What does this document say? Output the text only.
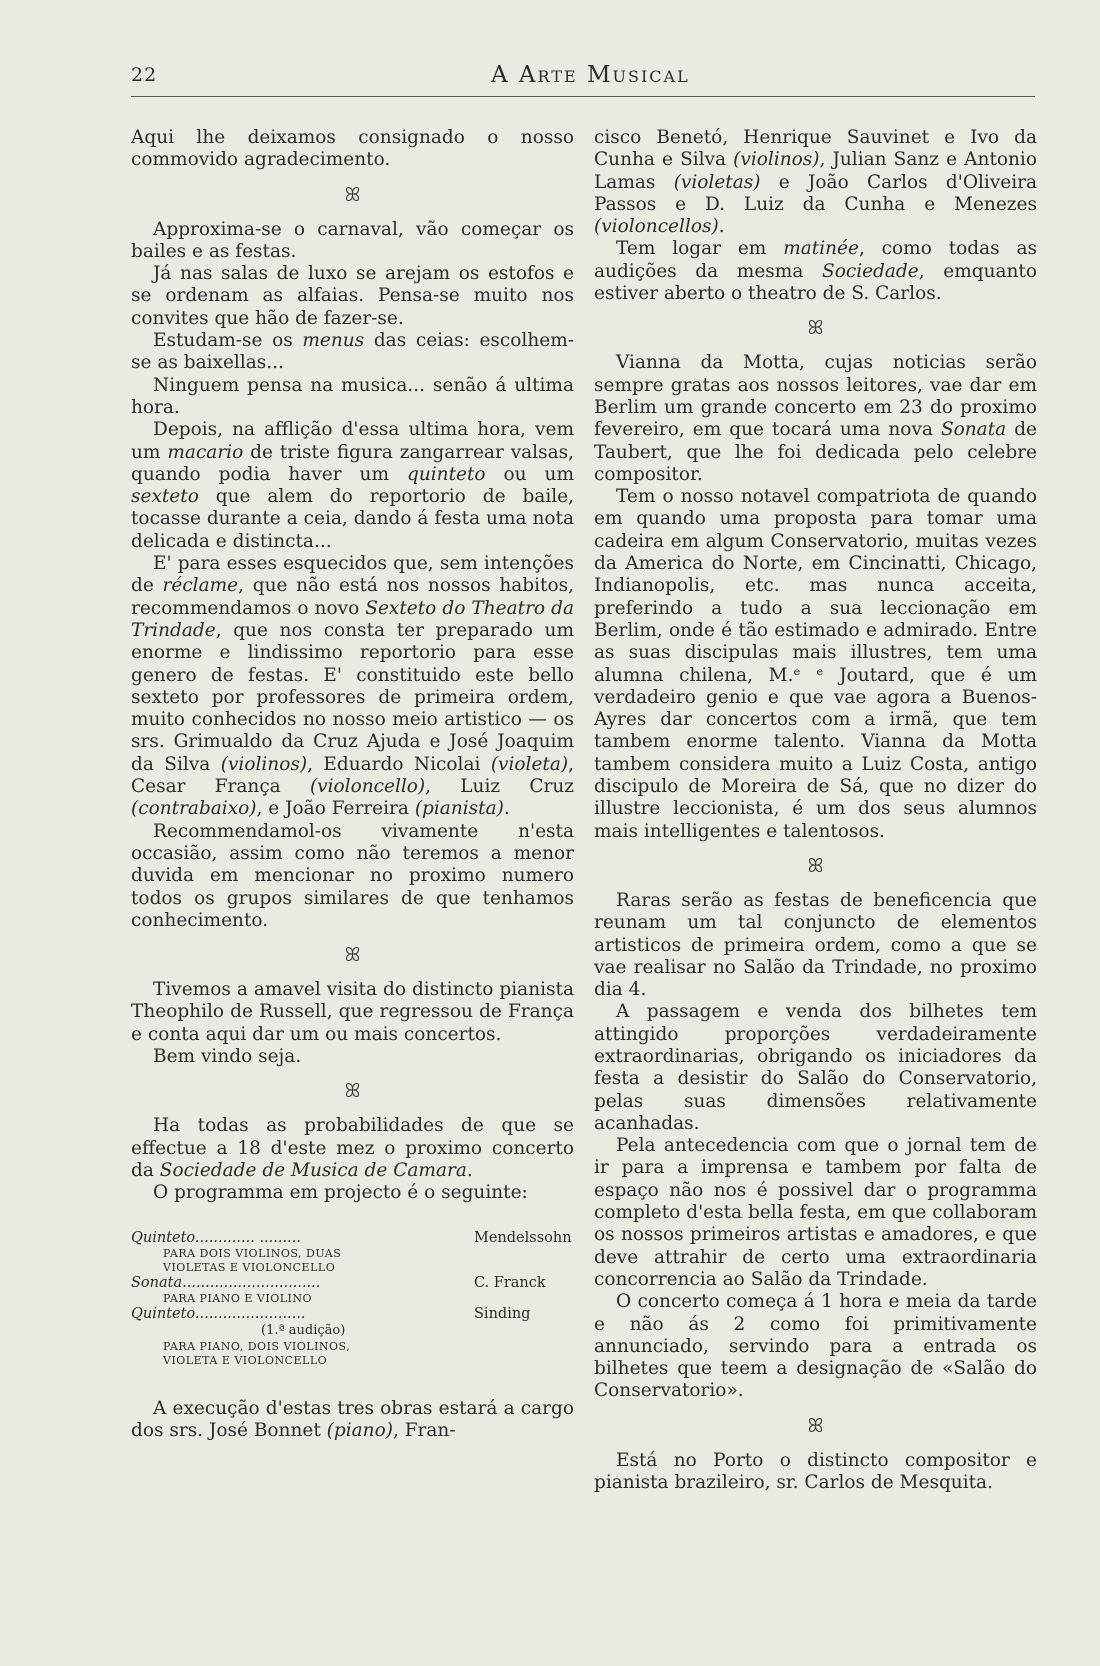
22	A Arte Musical

Aqui lhe deixamos consignado o nosso commovido agradecimento.

ꕤ

Approxima-se o carnaval, vão começar os bailes e as festas.

Já nas salas de luxo se arejam os estofos e se ordenam as alfaias. Pensa-se muito nos convites que hão de fazer-se.

Estudam-se os menus das ceias: escolhem-se as baixellas...

Ninguem pensa na musica... senão á ultima hora.

Depois, na afflição d'essa ultima hora, vem um macario de triste figura zangarrear valsas, quando podia haver um quinteto ou um sexteto que alem do reportorio de baile, tocasse durante a ceia, dando á festa uma nota delicada e distincta...

E' para esses esquecidos que, sem intenções de réclame, que não está nos nossos habitos, recommendamos o novo Sexteto do Theatro da Trindade, que nos consta ter preparado um enorme e lindissimo reportorio para esse genero de festas. E' constituido este bello sexteto por professores de primeira ordem, muito conhecidos no nosso meio artistico — os srs. Grimualdo da Cruz Ajuda e José Joaquim da Silva (violinos), Eduardo Nicolai (violeta), Cesar França (violoncello), Luiz Cruz (contrabaixo), e João Ferreira (pianista).

Recommendamol-os vivamente n'esta occasião, assim como não teremos a menor duvida em mencionar no proximo numero todos os grupos similares de que tenhamos conhecimento.

ꕤ

Tivemos a amavel visita do distincto pianista Theophilo de Russell, que regressou de França e conta aqui dar um ou mais concertos.

Bem vindo seja.

ꕤ

Ha todas as probabilidades de que se effectue a 18 d'este mez o proximo concerto da Sociedade de Musica de Camara.

O programma em projecto é o seguinte:

Quinteto............. .........	Mendelssohn
PARA DOIS VIOLINOS, DUAS VIOLETAS E VIOLONCELLO
Sonata..............................	C. Franck
PARA PIANO E VIOLINO
Quinteto........................	Sinding
(1.ª audição)
PARA PIANO, DOIS VIOLINOS, VIOLETA E VIOLONCELLO

A execução d'estas tres obras estará a cargo dos srs. José Bonnet (piano), Fran-

cisco Benetó, Henrique Sauvinet e Ivo da Cunha e Silva (violinos), Julian Sanz e Antonio Lamas (violetas) e João Carlos d'Oliveira Passos e D. Luiz da Cunha e Menezes (violoncellos).

Tem logar em matinée, como todas as audições da mesma Sociedade, emquanto estiver aberto o theatro de S. Carlos.

ꕤ

Vianna da Motta, cujas noticias serão sempre gratas aos nossos leitores, vae dar em Berlim um grande concerto em 23 do proximo fevereiro, em que tocará uma nova Sonata de Taubert, que lhe foi dedicada pelo celebre compositor.

Tem o nosso notavel compatriota de quando em quando uma proposta para tomar uma cadeira em algum Conservatorio, muitas vezes da America do Norte, em Cincinatti, Chicago, Indianopolis, etc. mas nunca acceita, preferindo a tudo a sua leccionação em Berlim, onde é tão estimado e admirado. Entre as suas discipulas mais illustres, tem uma alumna chilena, M.ᵉ ᵉ Joutard, que é um verdadeiro genio e que vae agora a Buenos-Ayres dar concertos com a irmã, que tem tambem enorme talento. Vianna da Motta tambem considera muito a Luiz Costa, antigo discipulo de Moreira de Sá, que no dizer do illustre leccionista, é um dos seus alumnos mais intelligentes e talentosos.

ꕤ

Raras serão as festas de beneficencia que reunam um tal conjuncto de elementos artisticos de primeira ordem, como a que se vae realisar no Salão da Trindade, no proximo dia 4.

A passagem e venda dos bilhetes tem attingido proporções verdadeiramente extraordinarias, obrigando os iniciadores da festa a desistir do Salão do Conservatorio, pelas suas dimensões relativamente acanhadas.

Pela antecedencia com que o jornal tem de ir para a imprensa e tambem por falta de espaço não nos é possivel dar o programma completo d'esta bella festa, em que collaboram os nossos primeiros artistas e amadores, e que deve attrahir de certo uma extraordinaria concorrencia ao Salão da Trindade.

O concerto começa á 1 hora e meia da tarde e não ás 2 como foi primitivamente annunciado, servindo para a entrada os bilhetes que teem a designação de «Salão do Conservatorio».

ꕤ

Está no Porto o distincto compositor e pianista brazileiro, sr. Carlos de Mesquita.
